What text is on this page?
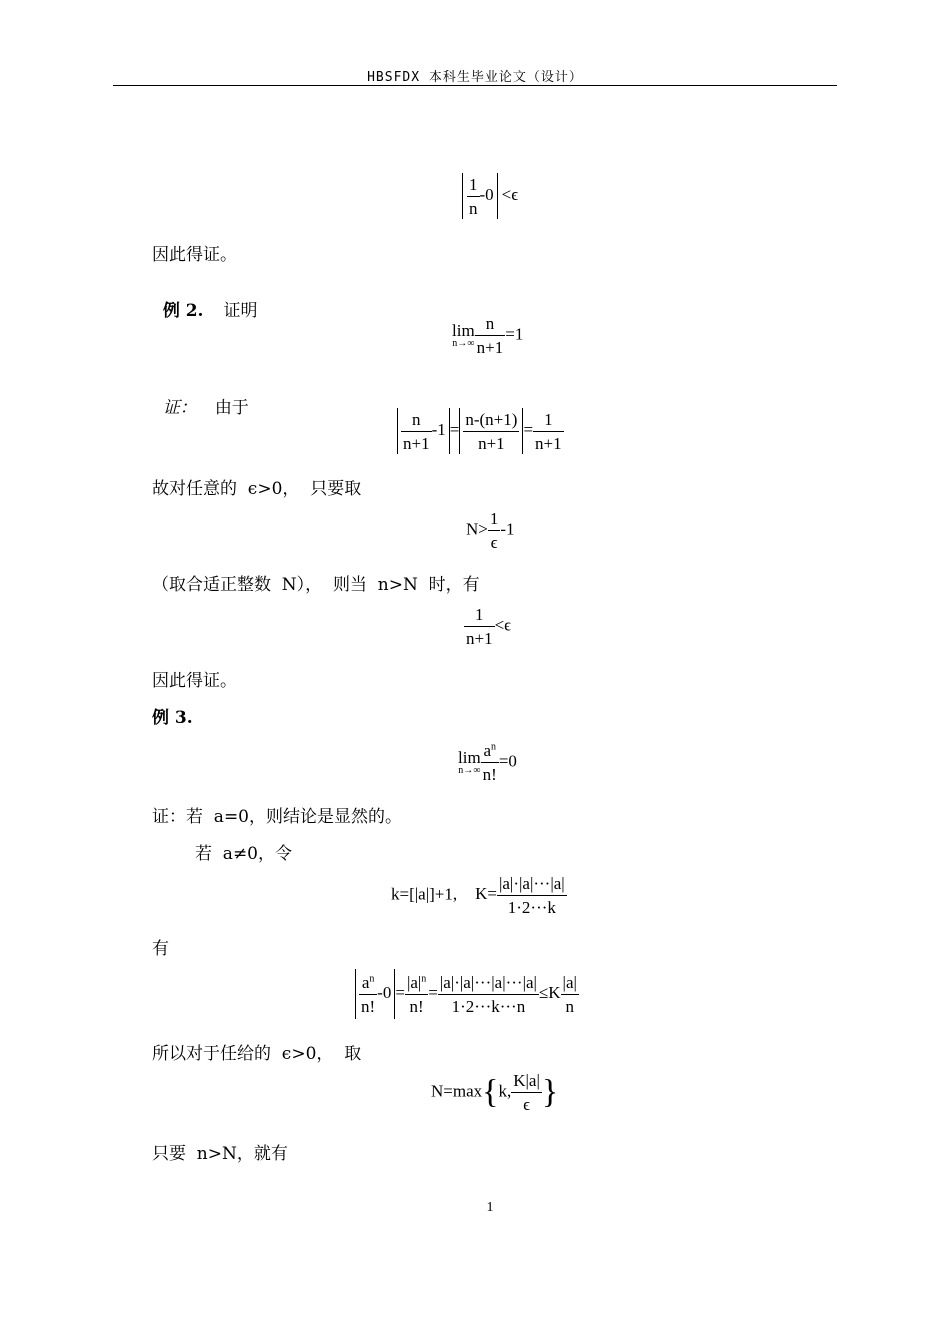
HBSFDX 本科生毕业论文（设计）
$\frac{1}{n} -0 <\epsilon$
因此得证。

例 2. 证明

lim
$n\to\infty \frac{n}{n+1} =1$

证： 由于

$\frac{n}{n+1} -1 = \frac{n-(n+1)}{n+1} = \frac{1}{n+1}$
故对任意的  ϵ>0，  只要取
$N> \frac{1}{\epsilon} -1$
（取合适正整数  N），  则当  n>N  时，有
$\frac{1}{n+1} <\epsilon$
因此得证。
例 3.
lim
$n\to\infty \frac{a^n}{n!} =0$
证：若  a=0，则结论是显然的。
若  a≠0，令
k=[|a|]+1, $K= \frac{|a|\cdot|a|\cdot\cdot\cdot|a|}{1\cdot 2\cdot\cdot\cdot k}$
有
$\frac{a^n}{n!} -0 = \frac{|a|^n}{n!} = \frac{|a|\cdot|a|\cdot\cdot\cdot|a|\cdot\cdot\cdot|a|}{1\cdot 2\cdot\cdot\cdot k\cdot\cdot\cdot n} \le K \frac{|a|}{n}$
所以对于任给的  ϵ>0，  取
N=max{k, $\frac{K|a|}{\epsilon}$ }
只要  n>N，就有
1
